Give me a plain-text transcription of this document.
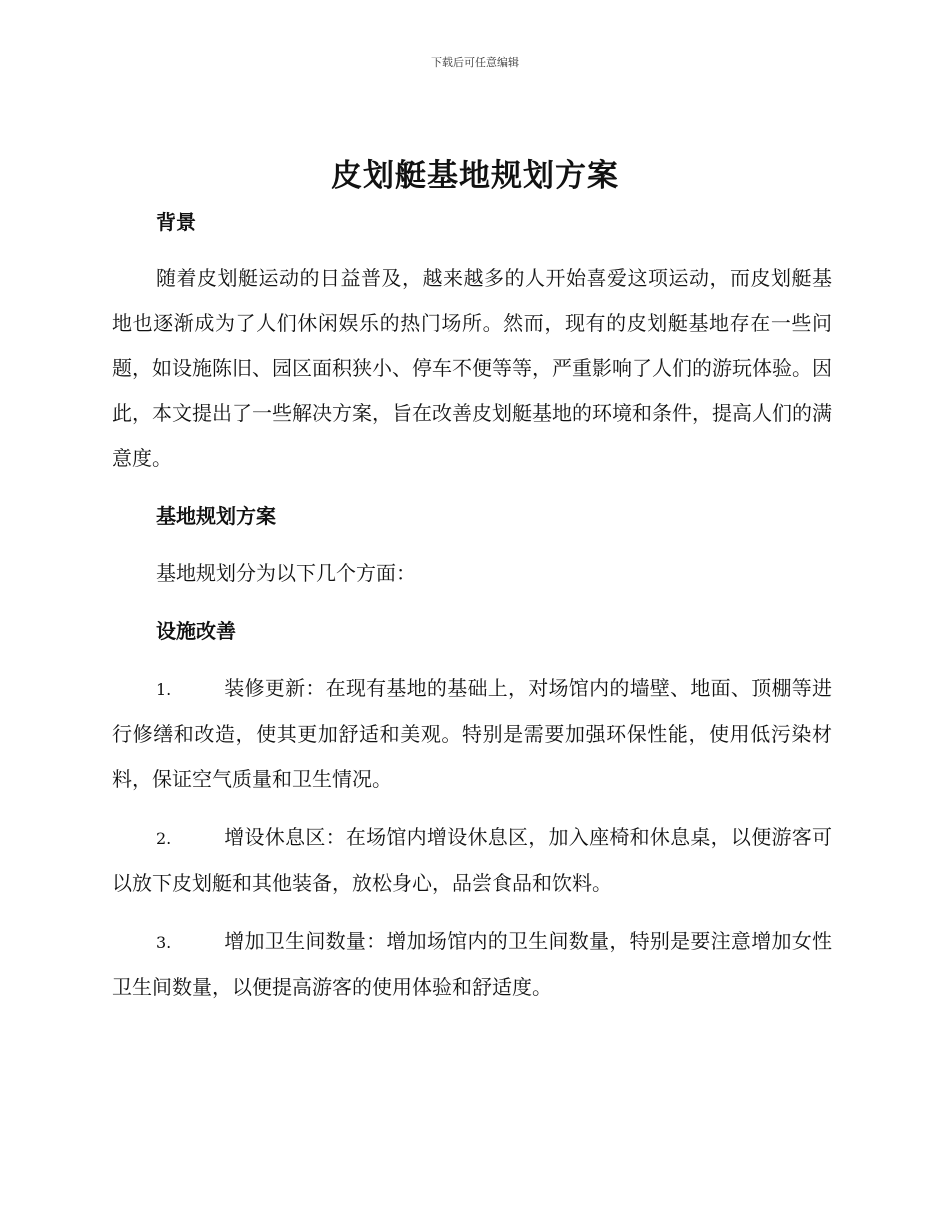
下载后可任意编辑
皮划艇基地规划方案

背景

随着皮划艇运动的日益普及，越来越多的人开始喜爱这项运动，而皮划艇基地也逐渐成为了人们休闲娱乐的热门场所。然而，现有的皮划艇基地存在一些问题，如设施陈旧、园区面积狭小、停车不便等等，严重影响了人们的游玩体验。因此，本文提出了一些解决方案，旨在改善皮划艇基地的环境和条件，提高人们的满意度。

基地规划方案

基地规划分为以下几个方面：

设施改善

1.	装修更新：在现有基地的基础上，对场馆内的墙壁、地面、顶棚等进行修缮和改造，使其更加舒适和美观。特别是需要加强环保性能，使用低污染材料，保证空气质量和卫生情况。

2.	增设休息区：在场馆内增设休息区，加入座椅和休息桌，以便游客可以放下皮划艇和其他装备，放松身心，品尝食品和饮料。

3.	增加卫生间数量：增加场馆内的卫生间数量，特别是要注意增加女性卫生间数量，以便提高游客的使用体验和舒适度。
